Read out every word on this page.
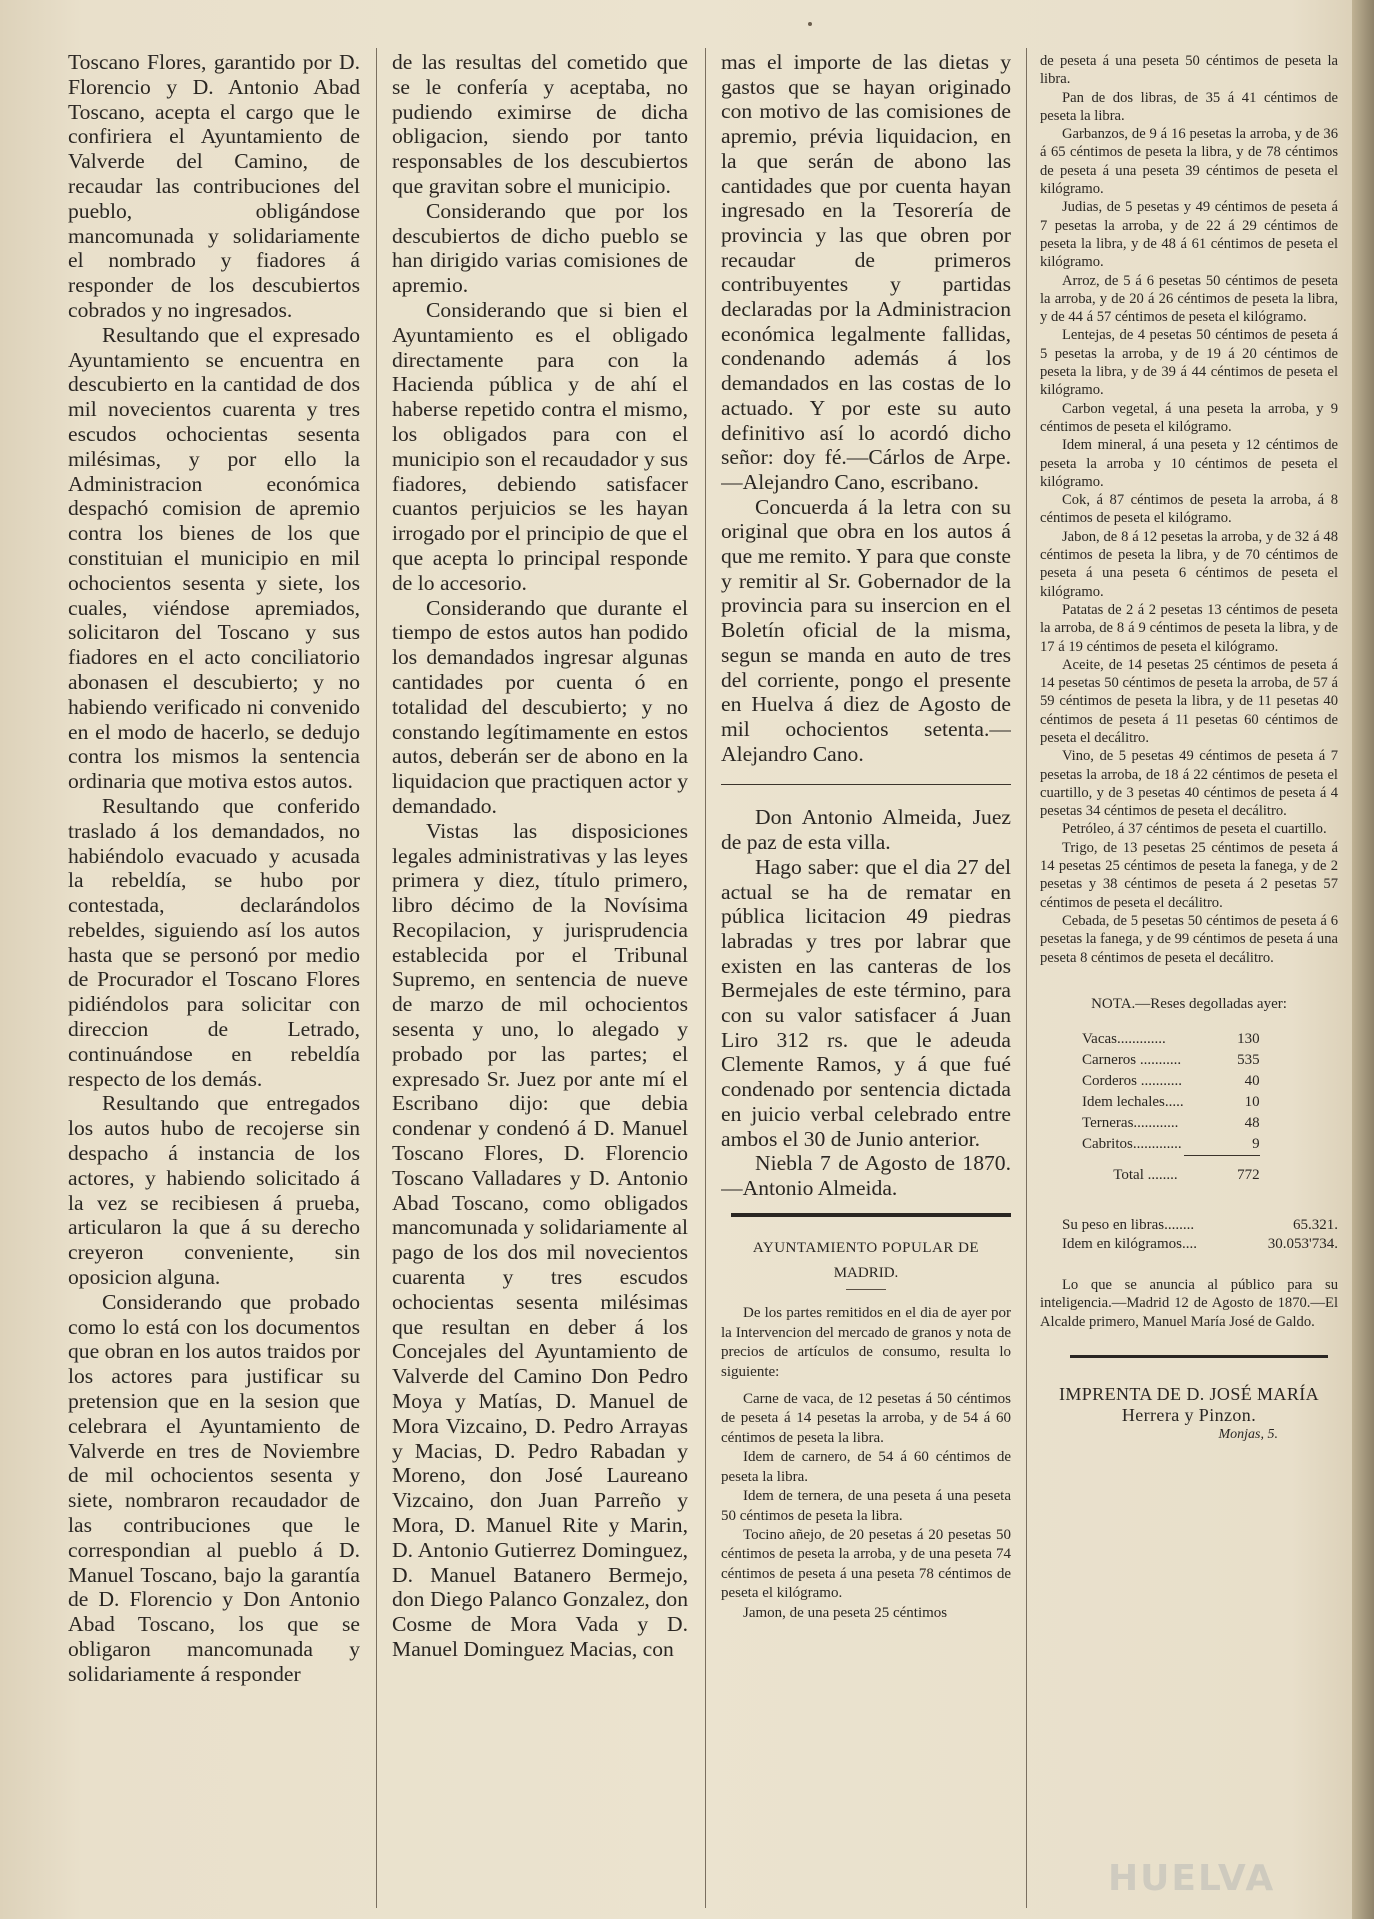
Toscano Flores, garantido por D. Florencio y D. Antonio Abad Toscano, acepta el cargo que le confiriera el Ayuntamiento de Valverde del Camino, de recaudar las contribuciones del pueblo, obligándose mancomunada y solidariamente el nombrado y fiadores á responder de los descubiertos cobrados y no ingresados.

Resultando que el expresado Ayuntamiento se encuentra en descubierto en la cantidad de dos mil novecientos cuarenta y tres escudos ochocientas sesenta milésimas, y por ello la Administracion económica despachó comision de apremio contra los bienes de los que constituian el municipio en mil ochocientos sesenta y siete, los cuales, viéndose apremiados, solicitaron del Toscano y sus fiadores en el acto conciliatorio abonasen el descubierto; y no habiendo verificado ni convenido en el modo de hacerlo, se dedujo contra los mismos la sentencia ordinaria que motiva estos autos.

Resultando que conferido traslado á los demandados, no habiéndolo evacuado y acusada la rebeldía, se hubo por contestada, declarándolos rebeldes, siguiendo así los autos hasta que se personó por medio de Procurador el Toscano Flores pidiéndolos para solicitar con direccion de Letrado, continuándose en rebeldía respecto de los demás.

Resultando que entregados los autos hubo de recojerse sin despacho á instancia de los actores, y habiendo solicitado á la vez se recibiesen á prueba, articularon la que á su derecho creyeron conveniente, sin oposicion alguna.

Considerando que probado como lo está con los documentos que obran en los autos traidos por los actores para justificar su pretension que en la sesion que celebrara el Ayuntamiento de Valverde en tres de Noviembre de mil ochocientos sesenta y siete, nombraron recaudador de las contribuciones que le correspondian al pueblo á D. Manuel Toscano, bajo la garantía de D. Florencio y Don Antonio Abad Toscano, los que se obligaron mancomunada y solidariamente á responder

de las resultas del cometido que se le confería y aceptaba, no pudiendo eximirse de dicha obligacion, siendo por tanto responsables de los descubiertos que gravitan sobre el municipio.

Considerando que por los descubiertos de dicho pueblo se han dirigido varias comisiones de apremio.

Considerando que si bien el Ayuntamiento es el obligado directamente para con la Hacienda pública y de ahí el haberse repetido contra el mismo, los obligados para con el municipio son el recaudador y sus fiadores, debiendo satisfacer cuantos perjuicios se les hayan irrogado por el principio de que el que acepta lo principal responde de lo accesorio.

Considerando que durante el tiempo de estos autos han podido los demandados ingresar algunas cantidades por cuenta ó en totalidad del descubierto; y no constando legítimamente en estos autos, deberán ser de abono en la liquidacion que practiquen actor y demandado.

Vistas las disposiciones legales administrativas y las leyes primera y diez, título primero, libro décimo de la Novísima Recopilacion, y jurisprudencia establecida por el Tribunal Supremo, en sentencia de nueve de marzo de mil ochocientos sesenta y uno, lo alegado y probado por las partes; el expresado Sr. Juez por ante mí el Escribano dijo: que debia condenar y condenó á D. Manuel Toscano Flores, D. Florencio Toscano Valladares y D. Antonio Abad Toscano, como obligados mancomunada y solidariamente al pago de los dos mil novecientos cuarenta y tres escudos ochocientas sesenta milésimas que resultan en deber á los Concejales del Ayuntamiento de Valverde del Camino Don Pedro Moya y Matías, D. Manuel de Mora Vizcaino, D. Pedro Arrayas y Macias, D. Pedro Rabadan y Moreno, don José Laureano Vizcaino, don Juan Parreño y Mora, D. Manuel Rite y Marin, D. Antonio Gutierrez Dominguez, D. Manuel Batanero Bermejo, don Diego Palanco Gonzalez, don Cosme de Mora Vada y D. Manuel Dominguez Macias, con

mas el importe de las dietas y gastos que se hayan originado con motivo de las comisiones de apremio, prévia liquidacion, en la que serán de abono las cantidades que por cuenta hayan ingresado en la Tesorería de provincia y las que obren por recaudar de primeros contribuyentes y partidas declaradas por la Administracion económica legalmente fallidas, condenando además á los demandados en las costas de lo actuado. Y por este su auto definitivo así lo acordó dicho señor: doy fé.—Cárlos de Arpe.—Alejandro Cano, escribano.

Concuerda á la letra con su original que obra en los autos á que me remito. Y para que conste y remitir al Sr. Gobernador de la provincia para su insercion en el Boletín oficial de la misma, segun se manda en auto de tres del corriente, pongo el presente en Huelva á diez de Agosto de mil ochocientos setenta.—Alejandro Cano.

Don Antonio Almeida, Juez de paz de esta villa.

Hago saber: que el dia 27 del actual se ha de rematar en pública licitacion 49 piedras labradas y tres por labrar que existen en las canteras de los Bermejales de este término, para con su valor satisfacer á Juan Liro 312 rs. que le adeuda Clemente Ramos, y á que fué condenado por sentencia dictada en juicio verbal celebrado entre ambos el 30 de Junio anterior.

Niebla 7 de Agosto de 1870. —Antonio Almeida.

AYUNTAMIENTO POPULAR DE

MADRID.

De los partes remitidos en el dia de ayer por la Intervencion del mercado de granos y nota de precios de artículos de consumo, resulta lo siguiente:

Carne de vaca, de 12 pesetas á 50 céntimos de peseta á 14 pesetas la arroba, y de 54 á 60 céntimos de peseta la libra.

Idem de carnero, de 54 á 60 céntimos de peseta la libra.

Idem de ternera, de una peseta á una peseta 50 céntimos de peseta la libra.

Tocino añejo, de 20 pesetas á 20 pesetas 50 céntimos de peseta la arroba, y de una peseta 74 céntimos de peseta á una peseta 78 céntimos de peseta el kilógramo.

Jamon, de una peseta 25 céntimos

de peseta á una peseta 50 céntimos de peseta la libra.

Pan de dos libras, de 35 á 41 céntimos de peseta la libra.

Garbanzos, de 9 á 16 pesetas la arroba, y de 36 á 65 céntimos de peseta la libra, y de 78 céntimos de peseta á una peseta 39 céntimos de peseta el kilógramo.

Judias, de 5 pesetas y 49 céntimos de peseta á 7 pesetas la arroba, y de 22 á 29 céntimos de peseta la libra, y de 48 á 61 céntimos de peseta el kilógramo.

Arroz, de 5 á 6 pesetas 50 céntimos de peseta la arroba, y de 20 á 26 céntimos de peseta la libra, y de 44 á 57 céntimos de peseta el kilógramo.

Lentejas, de 4 pesetas 50 céntimos de peseta á 5 pesetas la arroba, y de 19 á 20 céntimos de peseta la libra, y de 39 á 44 céntimos de peseta el kilógramo.

Carbon vegetal, á una peseta la arroba, y 9 céntimos de peseta el kilógramo.

Idem mineral, á una peseta y 12 céntimos de peseta la arroba y 10 céntimos de peseta el kilógramo.

Cok, á 87 céntimos de peseta la arroba, á 8 céntimos de peseta el kilógramo.

Jabon, de 8 á 12 pesetas la arroba, y de 32 á 48 céntimos de peseta la libra, y de 70 céntimos de peseta á una peseta 6 céntimos de peseta el kilógramo.

Patatas de 2 á 2 pesetas 13 céntimos de peseta la arroba, de 8 á 9 céntimos de peseta la libra, y de 17 á 19 céntimos de peseta el kilógramo.

Aceite, de 14 pesetas 25 céntimos de peseta á 14 pesetas 50 céntimos de peseta la arroba, de 57 á 59 céntimos de peseta la libra, y de 11 pesetas 40 céntimos de peseta á 11 pesetas 60 céntimos de peseta el decálitro.

Vino, de 5 pesetas 49 céntimos de peseta á 7 pesetas la arroba, de 18 á 22 céntimos de peseta el cuartillo, y de 3 pesetas 40 céntimos de peseta á 4 pesetas 34 céntimos de peseta el decálitro.

Petróleo, á 37 céntimos de peseta el cuartillo.

Trigo, de 13 pesetas 25 céntimos de peseta á 14 pesetas 25 céntimos de peseta la fanega, y de 2 pesetas y 38 céntimos de peseta á 2 pesetas 57 céntimos de peseta el decálitro.

Cebada, de 5 pesetas 50 céntimos de peseta á 6 pesetas la fanega, y de 99 céntimos de peseta á una peseta 8 céntimos de peseta el decálitro.

NOTA.—Reses degolladas ayer:

Vacas.............	130
Carneros ...........	535
Corderos ...........	40
Idem lechales.....	10
Terneras............	48
Cabritos.............	9
Total ........	772
Su peso en libras........	65.321.
Idem en kilógramos....	30.053'734.

Lo que se anuncia al público para su inteligencia.—Madrid 12 de Agosto de 1870.—El Alcalde primero, Manuel María José de Galdo.

IMPRENTA DE D. JOSÉ MARÍA Herrera y Pinzon.

Monjas, 5.

HUELVA
